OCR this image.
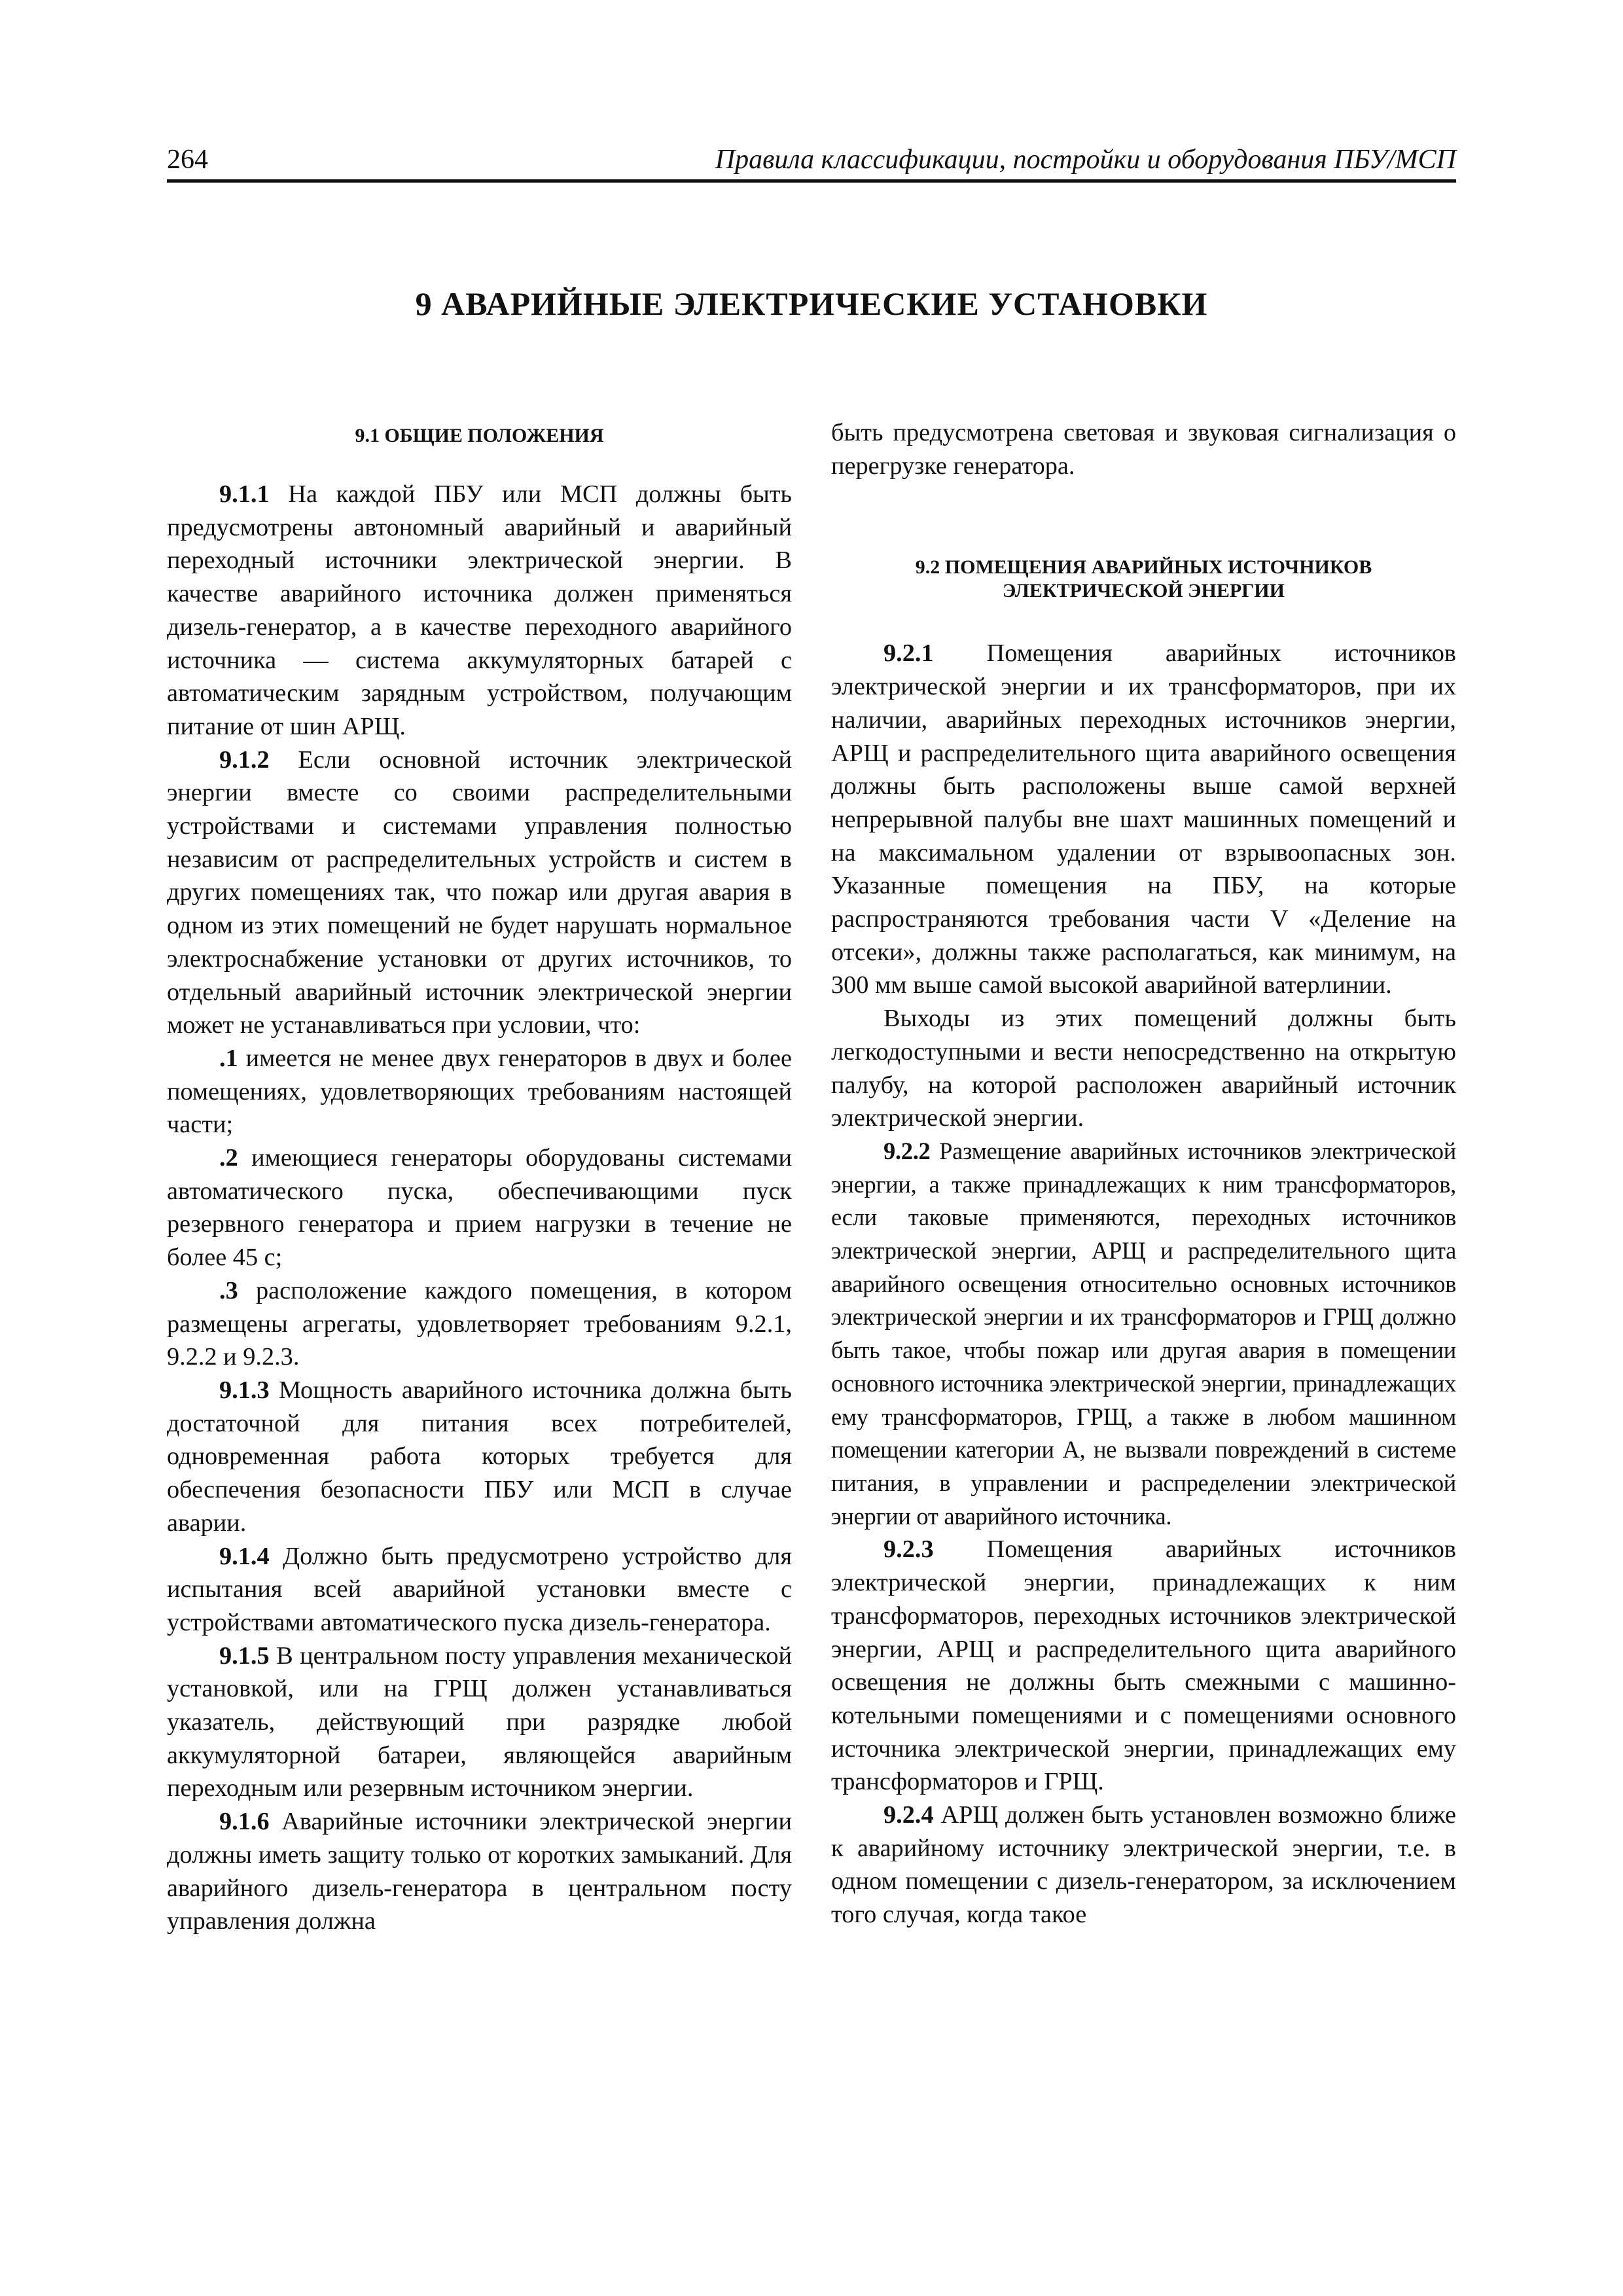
264	Правила классификации, постройки и оборудования ПБУ/МСП
9 АВАРИЙНЫЕ ЭЛЕКТРИЧЕСКИЕ УСТАНОВКИ
9.1 ОБЩИЕ ПОЛОЖЕНИЯ

9.1.1 На каждой ПБУ или МСП должны быть предусмотрены автономный аварийный и аварийный переходный источники электрической энергии. В качестве аварийного источника должен применяться дизель-генератор, а в качестве переходного аварийного источника — система аккумуляторных батарей с автоматическим зарядным устройством, получающим питание от шин АРЩ.

9.1.2 Если основной источник электрической энергии вместе со своими распределительными устройствами и системами управления полностью независим от распределительных устройств и систем в других помещениях так, что пожар или другая авария в одном из этих помещений не будет нарушать нормальное электроснабжение установки от других источников, то отдельный аварийный источник электрической энергии может не устанавливаться при условии, что:

.1 имеется не менее двух генераторов в двух и более помещениях, удовлетворяющих требованиям настоящей части;

.2 имеющиеся генераторы оборудованы системами автоматического пуска, обеспечивающими пуск резервного генератора и прием нагрузки в течение не более 45 с;

.3 расположение каждого помещения, в котором размещены агрегаты, удовлетворяет требованиям 9.2.1, 9.2.2 и 9.2.3.

9.1.3 Мощность аварийного источника должна быть достаточной для питания всех потребителей, одновременная работа которых требуется для обеспечения безопасности ПБУ или МСП в случае аварии.

9.1.4 Должно быть предусмотрено устройство для испытания всей аварийной установки вместе с устройствами автоматического пуска дизель-генератора.

9.1.5 В центральном посту управления механической установкой, или на ГРЩ должен устанавливаться указатель, действующий при разрядке любой аккумуляторной батареи, являющейся аварийным переходным или резервным источником энергии.

9.1.6 Аварийные источники электрической энергии должны иметь защиту только от коротких замыканий. Для аварийного дизель-генератора в центральном посту управления должна

быть предусмотрена световая и звуковая сигнализация о перегрузке генератора.

9.2 ПОМЕЩЕНИЯ АВАРИЙНЫХ ИСТОЧНИКОВ
ЭЛЕКТРИЧЕСКОЙ ЭНЕРГИИ

9.2.1 Помещения аварийных источников электрической энергии и их трансформаторов, при их наличии, аварийных переходных источников энергии, АРЩ и распределительного щита аварийного освещения должны быть расположены выше самой верхней непрерывной палубы вне шахт машинных помещений и на максимальном удалении от взрывоопасных зон. Указанные помещения на ПБУ, на которые распространяются требования части V «Деление на отсеки», должны также располагаться, как минимум, на 300 мм выше самой высокой аварийной ватерлинии.

Выходы из этих помещений должны быть легкодоступными и вести непосредственно на открытую палубу, на которой расположен аварийный источник электрической энергии.

9.2.2 Размещение аварийных источников электрической энергии, а также принадлежащих к ним трансформаторов, если таковые применяются, переходных источников электрической энергии, АРЩ и распределительного щита аварийного освещения относительно основных источников электрической энергии и их трансформаторов и ГРЩ должно быть такое, чтобы пожар или другая авария в помещении основного источника электрической энергии, принадлежащих ему трансформаторов, ГРЩ, а также в любом машинном помещении категории А, не вызвали повреждений в системе питания, в управлении и распределении электрической энергии от аварийного источника.

9.2.3 Помещения аварийных источников электрической энергии, принадлежащих к ним трансформаторов, переходных источников электрической энергии, АРЩ и распределительного щита аварийного освещения не должны быть смежными с машинно-котельными помещениями и с помещениями основного источника электрической энергии, принадлежащих ему трансформаторов и ГРЩ.

9.2.4 АРЩ должен быть установлен возможно ближе к аварийному источнику электрической энергии, т.е. в одном помещении с дизель-генератором, за исключением того случая, когда такое
